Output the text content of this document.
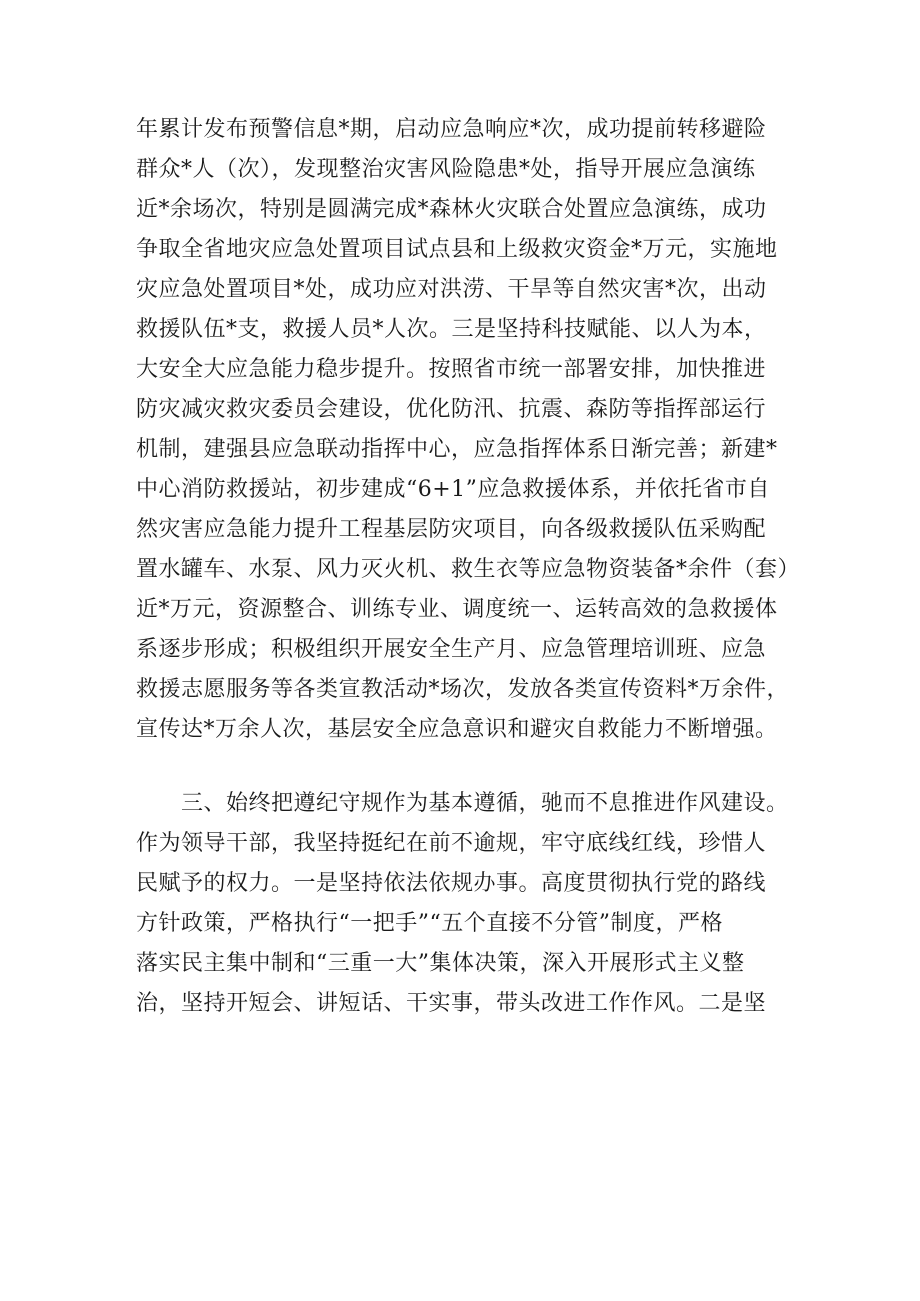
年累计发布预警信息*期，启动应急响应*次，成功提前转移避险
群众*人（次），发现整治灾害风险隐患*处，指导开展应急演练
近*余场次，特别是圆满完成*森林火灾联合处置应急演练，成功
争取全省地灾应急处置项目试点县和上级救灾资金*万元，实施地
灾应急处置项目*处，成功应对洪涝、干旱等自然灾害*次，出动
救援队伍*支，救援人员*人次。三是坚持科技赋能、以人为本，
大安全大应急能力稳步提升。按照省市统一部署安排，加快推进
防灾减灾救灾委员会建设，优化防汛、抗震、森防等指挥部运行
机制，建强县应急联动指挥中心，应急指挥体系日渐完善；新建*
中心消防救援站，初步建成“6+1”应急救援体系，并依托省市自
然灾害应急能力提升工程基层防灾项目，向各级救援队伍采购配
置水罐车、水泵、风力灭火机、救生衣等应急物资装备*余件（套）
近*万元，资源整合、训练专业、调度统一、运转高效的急救援体
系逐步形成；积极组织开展安全生产月、应急管理培训班、应急
救援志愿服务等各类宣教活动*场次，发放各类宣传资料*万余件，
宣传达*万余人次，基层安全应急意识和避灾自救能力不断增强。
　　三、始终把遵纪守规作为基本遵循，驰而不息推进作风建设。
作为领导干部，我坚持挺纪在前不逾规，牢守底线红线，珍惜人
民赋予的权力。一是坚持依法依规办事。高度贯彻执行党的路线
方针政策，严格执行“一把手”“五个直接不分管”制度，严格
落实民主集中制和“三重一大”集体决策，深入开展形式主义整
治，坚持开短会、讲短话、干实事，带头改进工作作风。二是坚
